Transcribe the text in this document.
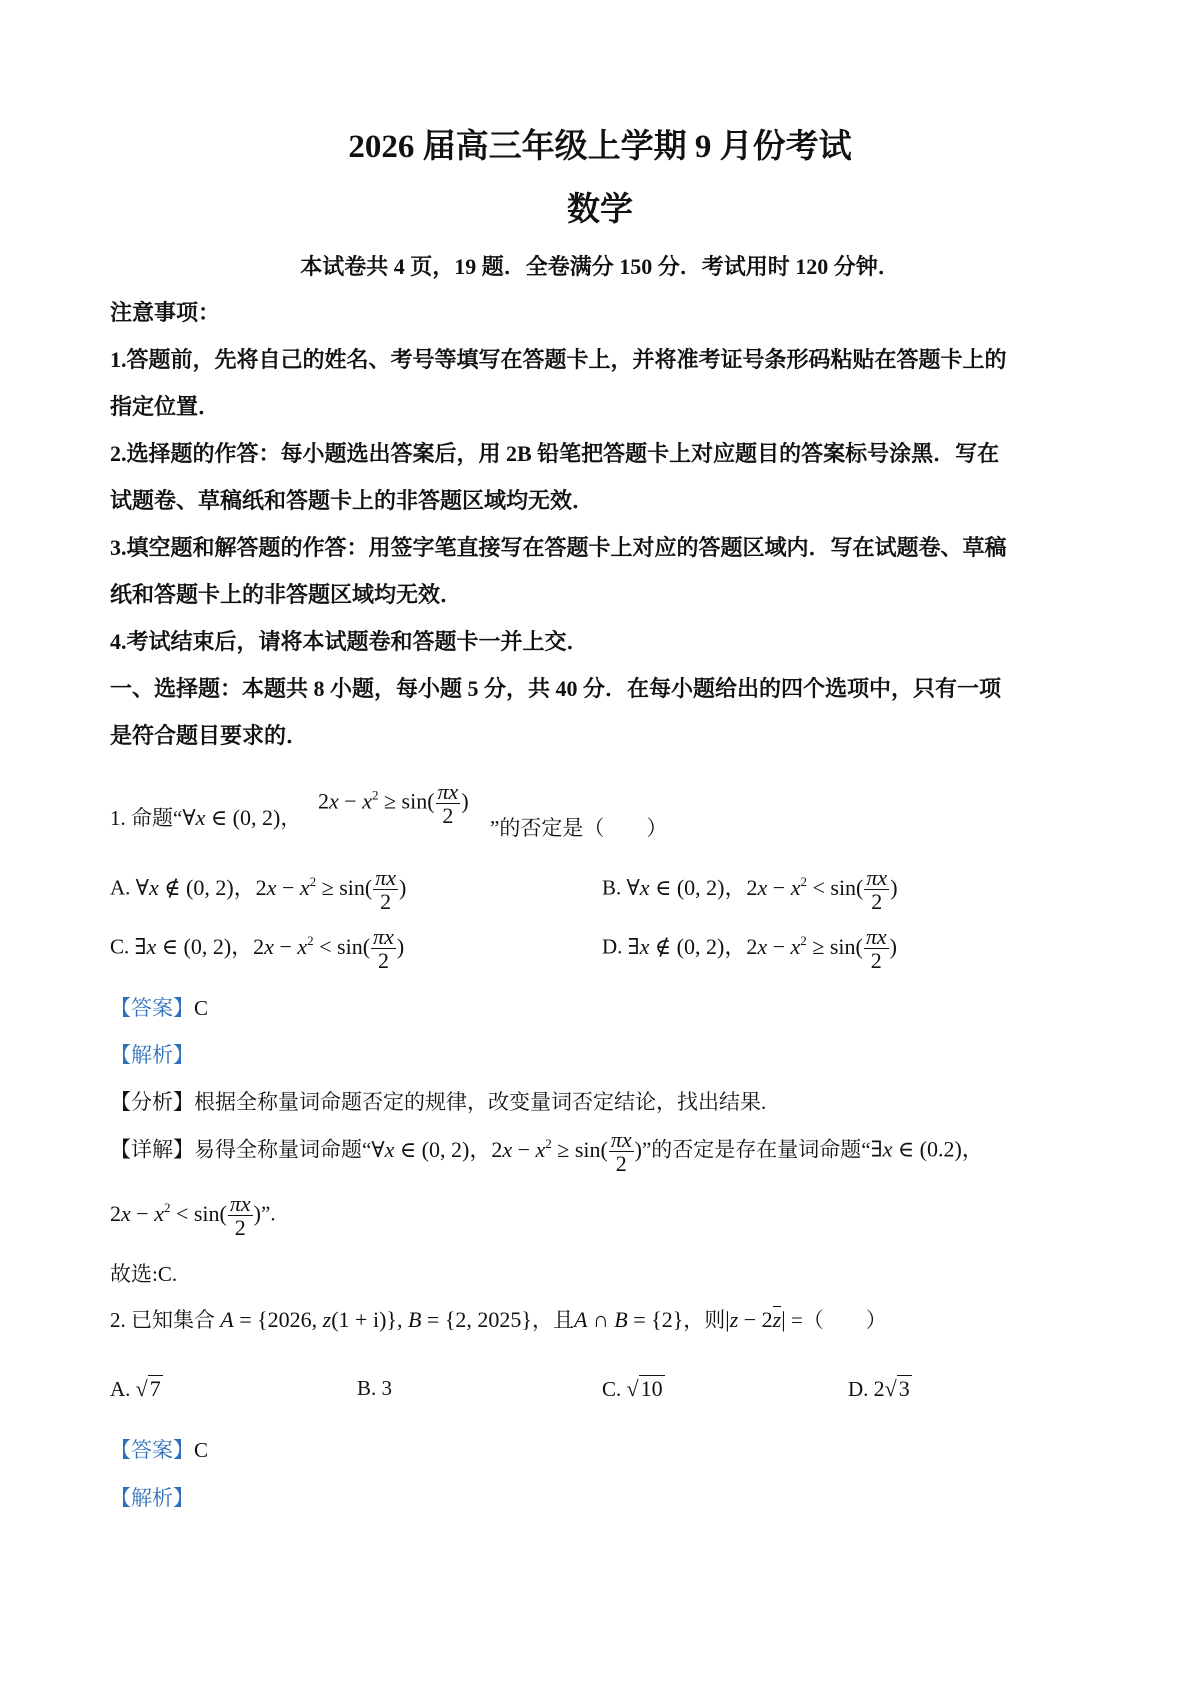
2026 届高三年级上学期 9 月份考试
数学
本试卷共 4 页，19 题．全卷满分 150 分．考试用时 120 分钟．
注意事项：
1.答题前，先将自己的姓名、考号等填写在答题卡上，并将准考证号条形码粘贴在答题卡上的
指定位置．
2.选择题的作答：每小题选出答案后，用 2B 铅笔把答题卡上对应题目的答案标号涂黑．写在
试题卷、草稿纸和答题卡上的非答题区域均无效．
3.填空题和解答题的作答：用签字笔直接写在答题卡上对应的答题区域内．写在试题卷、草稿
纸和答题卡上的非答题区域均无效．
4.考试结束后，请将本试题卷和答题卡一并上交．
一、选择题：本题共 8 小题，每小题 5 分，共 40 分．在每小题给出的四个选项中，只有一项
是符合题目要求的．
1. 命题“∀x ∈ (0, 2)，
$2x - x^2 \ge \sin( \frac{\pi x}{2}$ )
”的否定是（　　）
A. ∀x ∉ (0, 2)，$2x - x^2 \ge \sin( \frac{\pi x}{2}$ )	B. ∀x ∈ (0, 2)，$2x - x^2 < \sin( \frac{\pi x}{2}$ )
C. ∃x ∈ (0, 2)，$2x - x^2 < \sin( \frac{\pi x}{2}$ )	D. ∃x ∉ (0, 2)，$2x - x^2 \ge \sin( \frac{\pi x}{2}$ )
【答案】C
【解析】
【分析】根据全称量词命题否定的规律，改变量词否定结论，找出结果.
【详解】易得全称量词命题“∀x ∈ (0, 2)，$2x - x^2 \ge \sin( \frac{\pi x}{2}$ )”的否定是存在量词命题“∃x ∈ (0.2)，
$2x - x^2 < \sin( \frac{\pi x}{2}$ )”.
故选:C.
2. 已知集合 A = {2026, z(1 + i)}, B = {2, 2025}，且A ∩ B = {2}，则|z − 2z| =（　　）
A. √7	B. 3	C. √10	D. 2√3
【答案】C
【解析】
